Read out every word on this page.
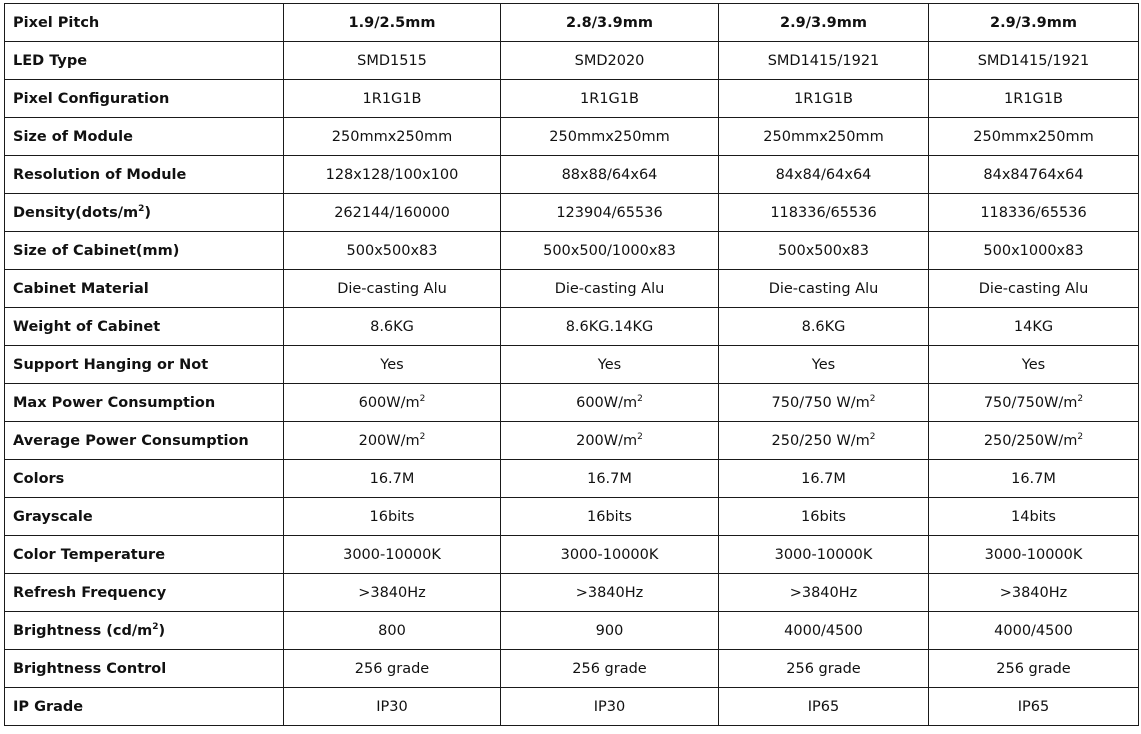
Pixel Pitch	1.9/2.5mm	2.8/3.9mm	2.9/3.9mm	2.9/3.9mm
LED Type	SMD1515	SMD2020	SMD1415/1921	SMD1415/1921
Pixel Configuration	1R1G1B	1R1G1B	1R1G1B	1R1G1B
Size of Module	250mmx250mm	250mmx250mm	250mmx250mm	250mmx250mm
Resolution of Module	128x128/100x100	88x88/64x64	84x84/64x64	84x84764x64
$Density(dots/m^2)$	262144/160000	123904/65536	118336/65536	118336/65536
Size of Cabinet(mm)	500x500x83	500x500/1000x83	500x500x83	500x1000x83
Cabinet Material	Die-casting Alu	Die-casting Alu	Die-casting Alu	Die-casting Alu
Weight of Cabinet	8.6KG	8.6KG.14KG	8.6KG	14KG
Support Hanging or Not	Yes	Yes	Yes	Yes
Max Power Consumption	$600W/m^2$	$600W/m^2$	750/750 $W/m^2$	$750/750W/m^2$
Average Power Consumption	$200W/m^2$	$200W/m^2$	250/250 $W/m^2$	$250/250W/m^2$
Colors	16.7M	16.7M	16.7M	16.7M
Grayscale	16bits	16bits	16bits	14bits
Color Temperature	3000-10000K	3000-10000K	3000-10000K	3000-10000K
Refresh Frequency	>3840Hz	>3840Hz	>3840Hz	>3840Hz
Brightness $(cd/m^2)$	800	900	4000/4500	4000/4500
Brightness Control	256 grade	256 grade	256 grade	256 grade
IP Grade	IP30	IP30	IP65	IP65
